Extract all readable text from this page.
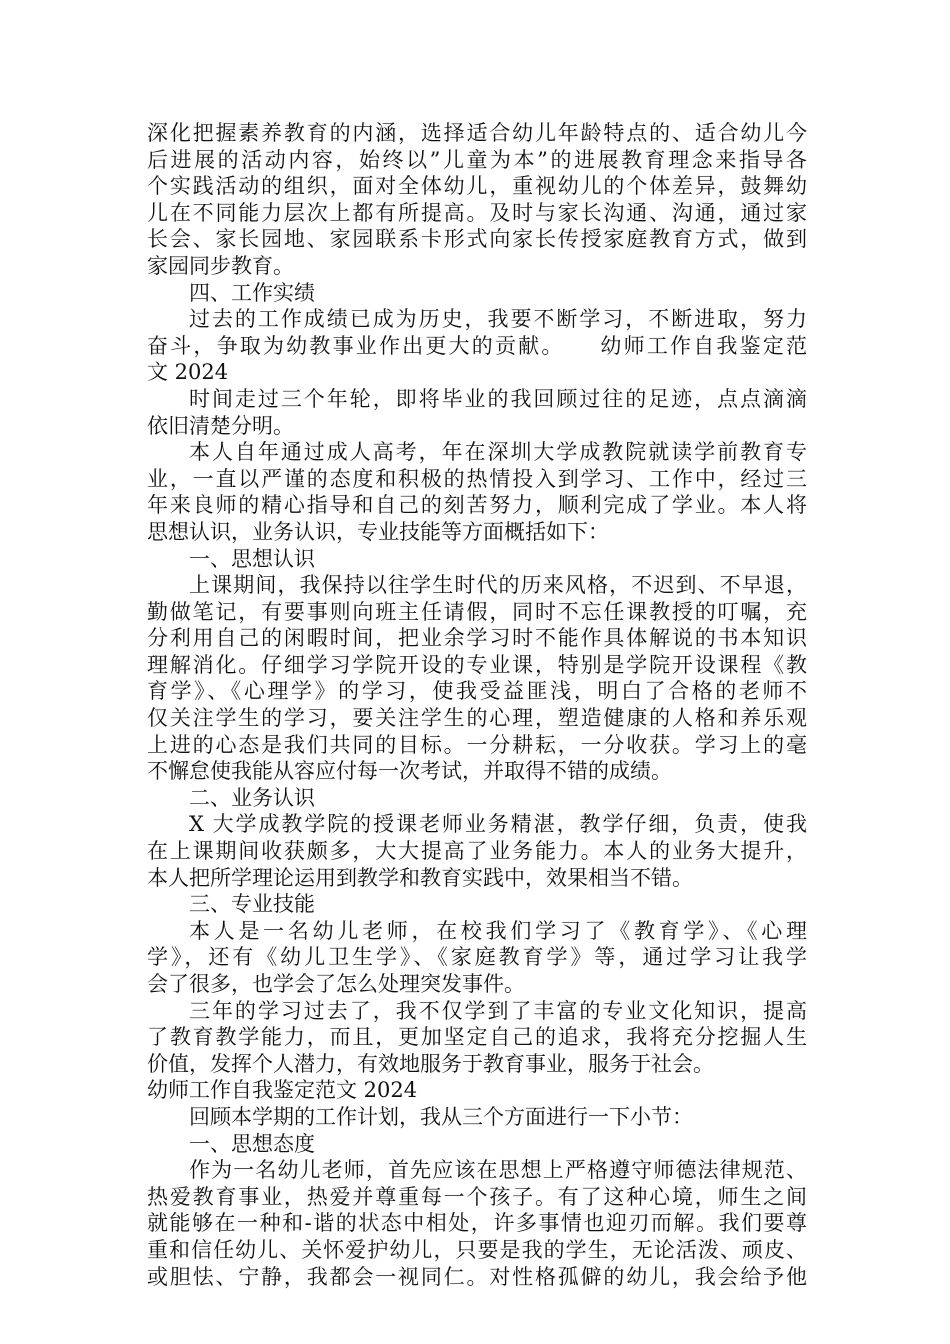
深化把握素养教育的内涵，选择适合幼儿年龄特点的、适合幼儿今
后进展的活动内容，始终以”儿童为本”的进展教育理念来指导各
个实践活动的组织，面对全体幼儿，重视幼儿的个体差异，鼓舞幼
儿在不同能力层次上都有所提高。及时与家长沟通、沟通，通过家
长会、家长园地、家园联系卡形式向家长传授家庭教育方式，做到
家园同步教育。
四、工作实绩
过去的工作成绩已成为历史，我要不断学习，不断进取，努力
奋斗，争取为幼教事业作出更大的贡献。　　幼师工作自我鉴定范
文 2024
时间走过三个年轮，即将毕业的我回顾过往的足迹，点点滴滴
依旧清楚分明。
本人自年通过成人高考，年在深圳大学成教院就读学前教育专
业，一直以严谨的态度和积极的热情投入到学习、工作中，经过三
年来良师的精心指导和自己的刻苦努力，顺利完成了学业。本人将
思想认识，业务认识，专业技能等方面概括如下：
一、思想认识
上课期间，我保持以往学生时代的历来风格，不迟到、不早退，
勤做笔记，有要事则向班主任请假，同时不忘任课教授的叮嘱，充
分利用自己的闲暇时间，把业余学习时不能作具体解说的书本知识
理解消化。仔细学习学院开设的专业课，特别是学院开设课程《教
育学》、《心理学》的学习，使我受益匪浅，明白了合格的老师不
仅关注学生的学习，要关注学生的心理，塑造健康的人格和养乐观
上进的心态是我们共同的目标。一分耕耘，一分收获。学习上的毫
不懈怠使我能从容应付每一次考试，并取得不错的成绩。
二、业务认识
X 大学成教学院的授课老师业务精湛，教学仔细，负责，使我
在上课期间收获颇多，大大提高了业务能力。本人的业务大提升，
本人把所学理论运用到教学和教育实践中，效果相当不错。
三、专业技能
本人是一名幼儿老师，在校我们学习了《教育学》、《心理
学》，还有《幼儿卫生学》、《家庭教育学》等，通过学习让我学
会了很多，也学会了怎么处理突发事件。
三年的学习过去了，我不仅学到了丰富的专业文化知识，提高
了教育教学能力，而且，更加坚定自己的追求，我将充分挖掘人生
价值，发挥个人潜力，有效地服务于教育事业，服务于社会。
幼师工作自我鉴定范文 2024
回顾本学期的工作计划，我从三个方面进行一下小节：
一、思想态度
作为一名幼儿老师，首先应该在思想上严格遵守师德法律规范、
热爱教育事业，热爱并尊重每一个孩子。有了这种心境，师生之间
就能够在一种和-谐的状态中相处，许多事情也迎刃而解。我们要尊
重和信任幼儿、关怀爱护幼儿，只要是我的学生，无论活泼、顽皮、
或胆怯、宁静，我都会一视同仁。对性格孤僻的幼儿，我会给予他
